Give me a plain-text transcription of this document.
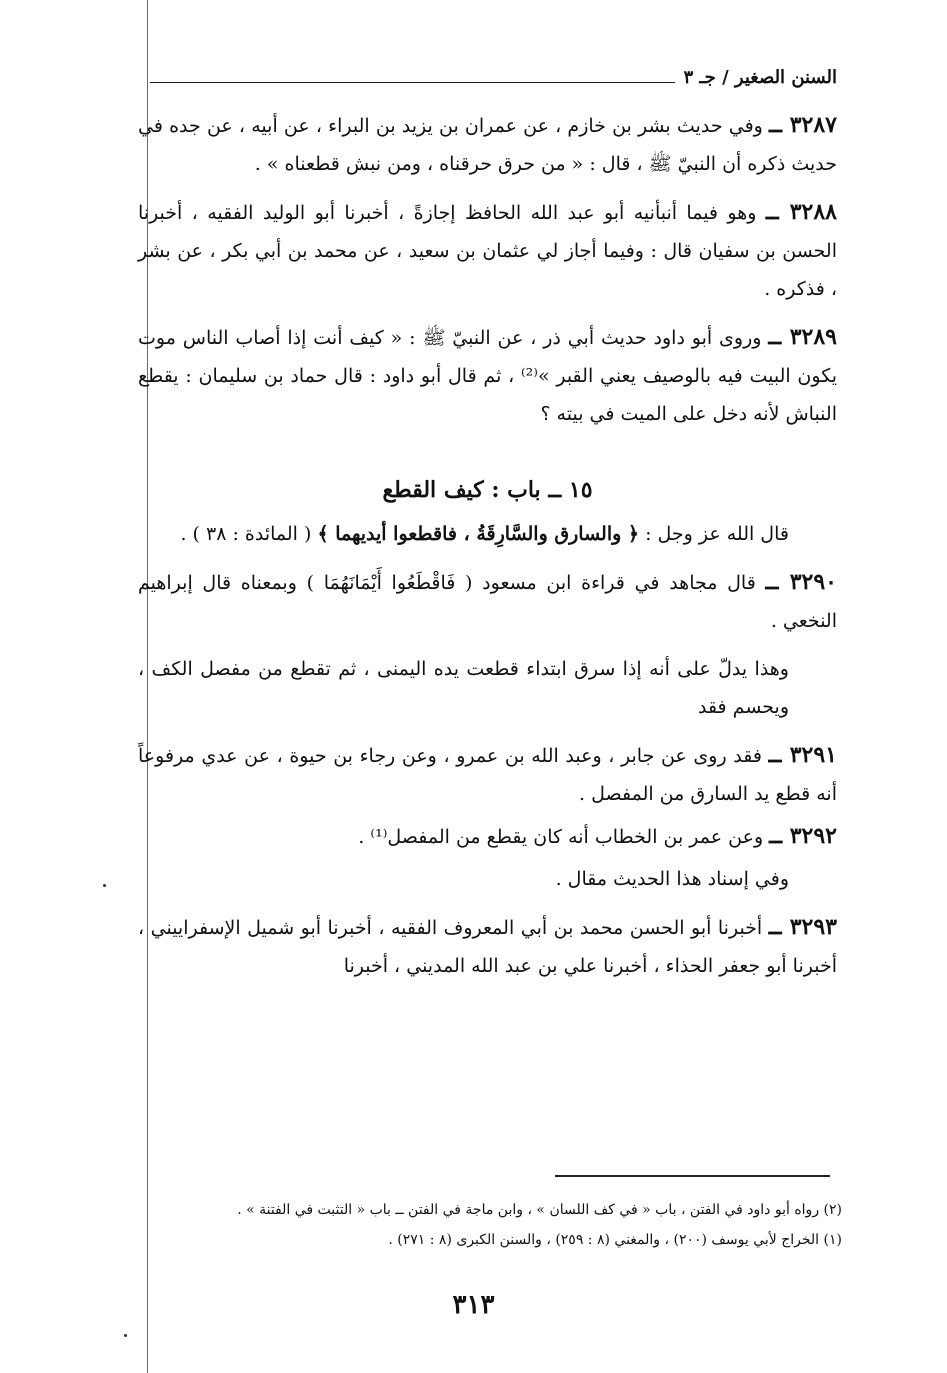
السنن الصغير / جـ ٣

٣٢٨٧ ــ وفي حديث بشر بن خازم ، عن عمران بن يزيد بن البراء ، عن أبيه ، عن جده في حديث ذكره أن النبيّ ﷺ ، قال : « من حرق حرقناه ، ومن نبش قطعناه » .

٣٢٨٨ ــ وهو فيما أنبأنيه أبو عبد الله الحافظ إجازةً ، أخبرنا أبو الوليد الفقيه ، أخبرنا الحسن بن سفيان قال : وفيما أجاز لي عثمان بن سعيد ، عن محمد بن أبي بكر ، عن بشر ، فذكره .

٣٢٨٩ ــ وروى أبو داود حديث أبي ذر ، عن النبيّ ﷺ : « كيف أنت إذا أصاب الناس موت يكون البيت فيه بالوصيف يعني القبر »⁽²⁾ ، ثم قال أبو داود : قال حماد بن سليمان : يقطع النباش لأنه دخل على الميت في بيته ؟

١٥ ــ باب : كيف القطع

قال الله عز وجل : ﴿ والسارق والسَّارِقَةُ ، فاقطعوا أيديهما ﴾ ( المائدة : ٣٨ ) .

٣٢٩٠ ــ قال مجاهد في قراءة ابن مسعود ( فَاقْطَعُوا أَيْمَانَهُمَا ) وبمعناه قال إبراهيم النخعي .

وهذا يدلّ على أنه إذا سرق ابتداء قطعت يده اليمنى ، ثم تقطع من مفصل الكف ، ويحسم فقد

٣٢٩١ ــ فقد روى عن جابر ، وعبد الله بن عمرو ، وعن رجاء بن حيوة ، عن عدي مرفوعاً أنه قطع يد السارق من المفصل .

٣٢٩٢ ــ وعن عمر بن الخطاب أنه كان يقطع من المفصل⁽¹⁾ .

وفي إسناد هذا الحديث مقال .

٣٢٩٣ ــ أخبرنا أبو الحسن محمد بن أبي المعروف الفقيه ، أخبرنا أبو شميل الإسفراييني ، أخبرنا أبو جعفر الحذاء ، أخبرنا علي بن عبد الله المديني ، أخبرنا

(٢) رواه أبو داود في الفتن ، باب « في كف اللسان » ، وابن ماجة في الفتن ــ باب « التثبت في الفتنة » .
(١) الخراج لأبي يوسف (٢٠٠) ، والمغني (٨ : ٢٥٩) ، والسنن الكبرى (٨ : ٢٧١) .
٣١٣
